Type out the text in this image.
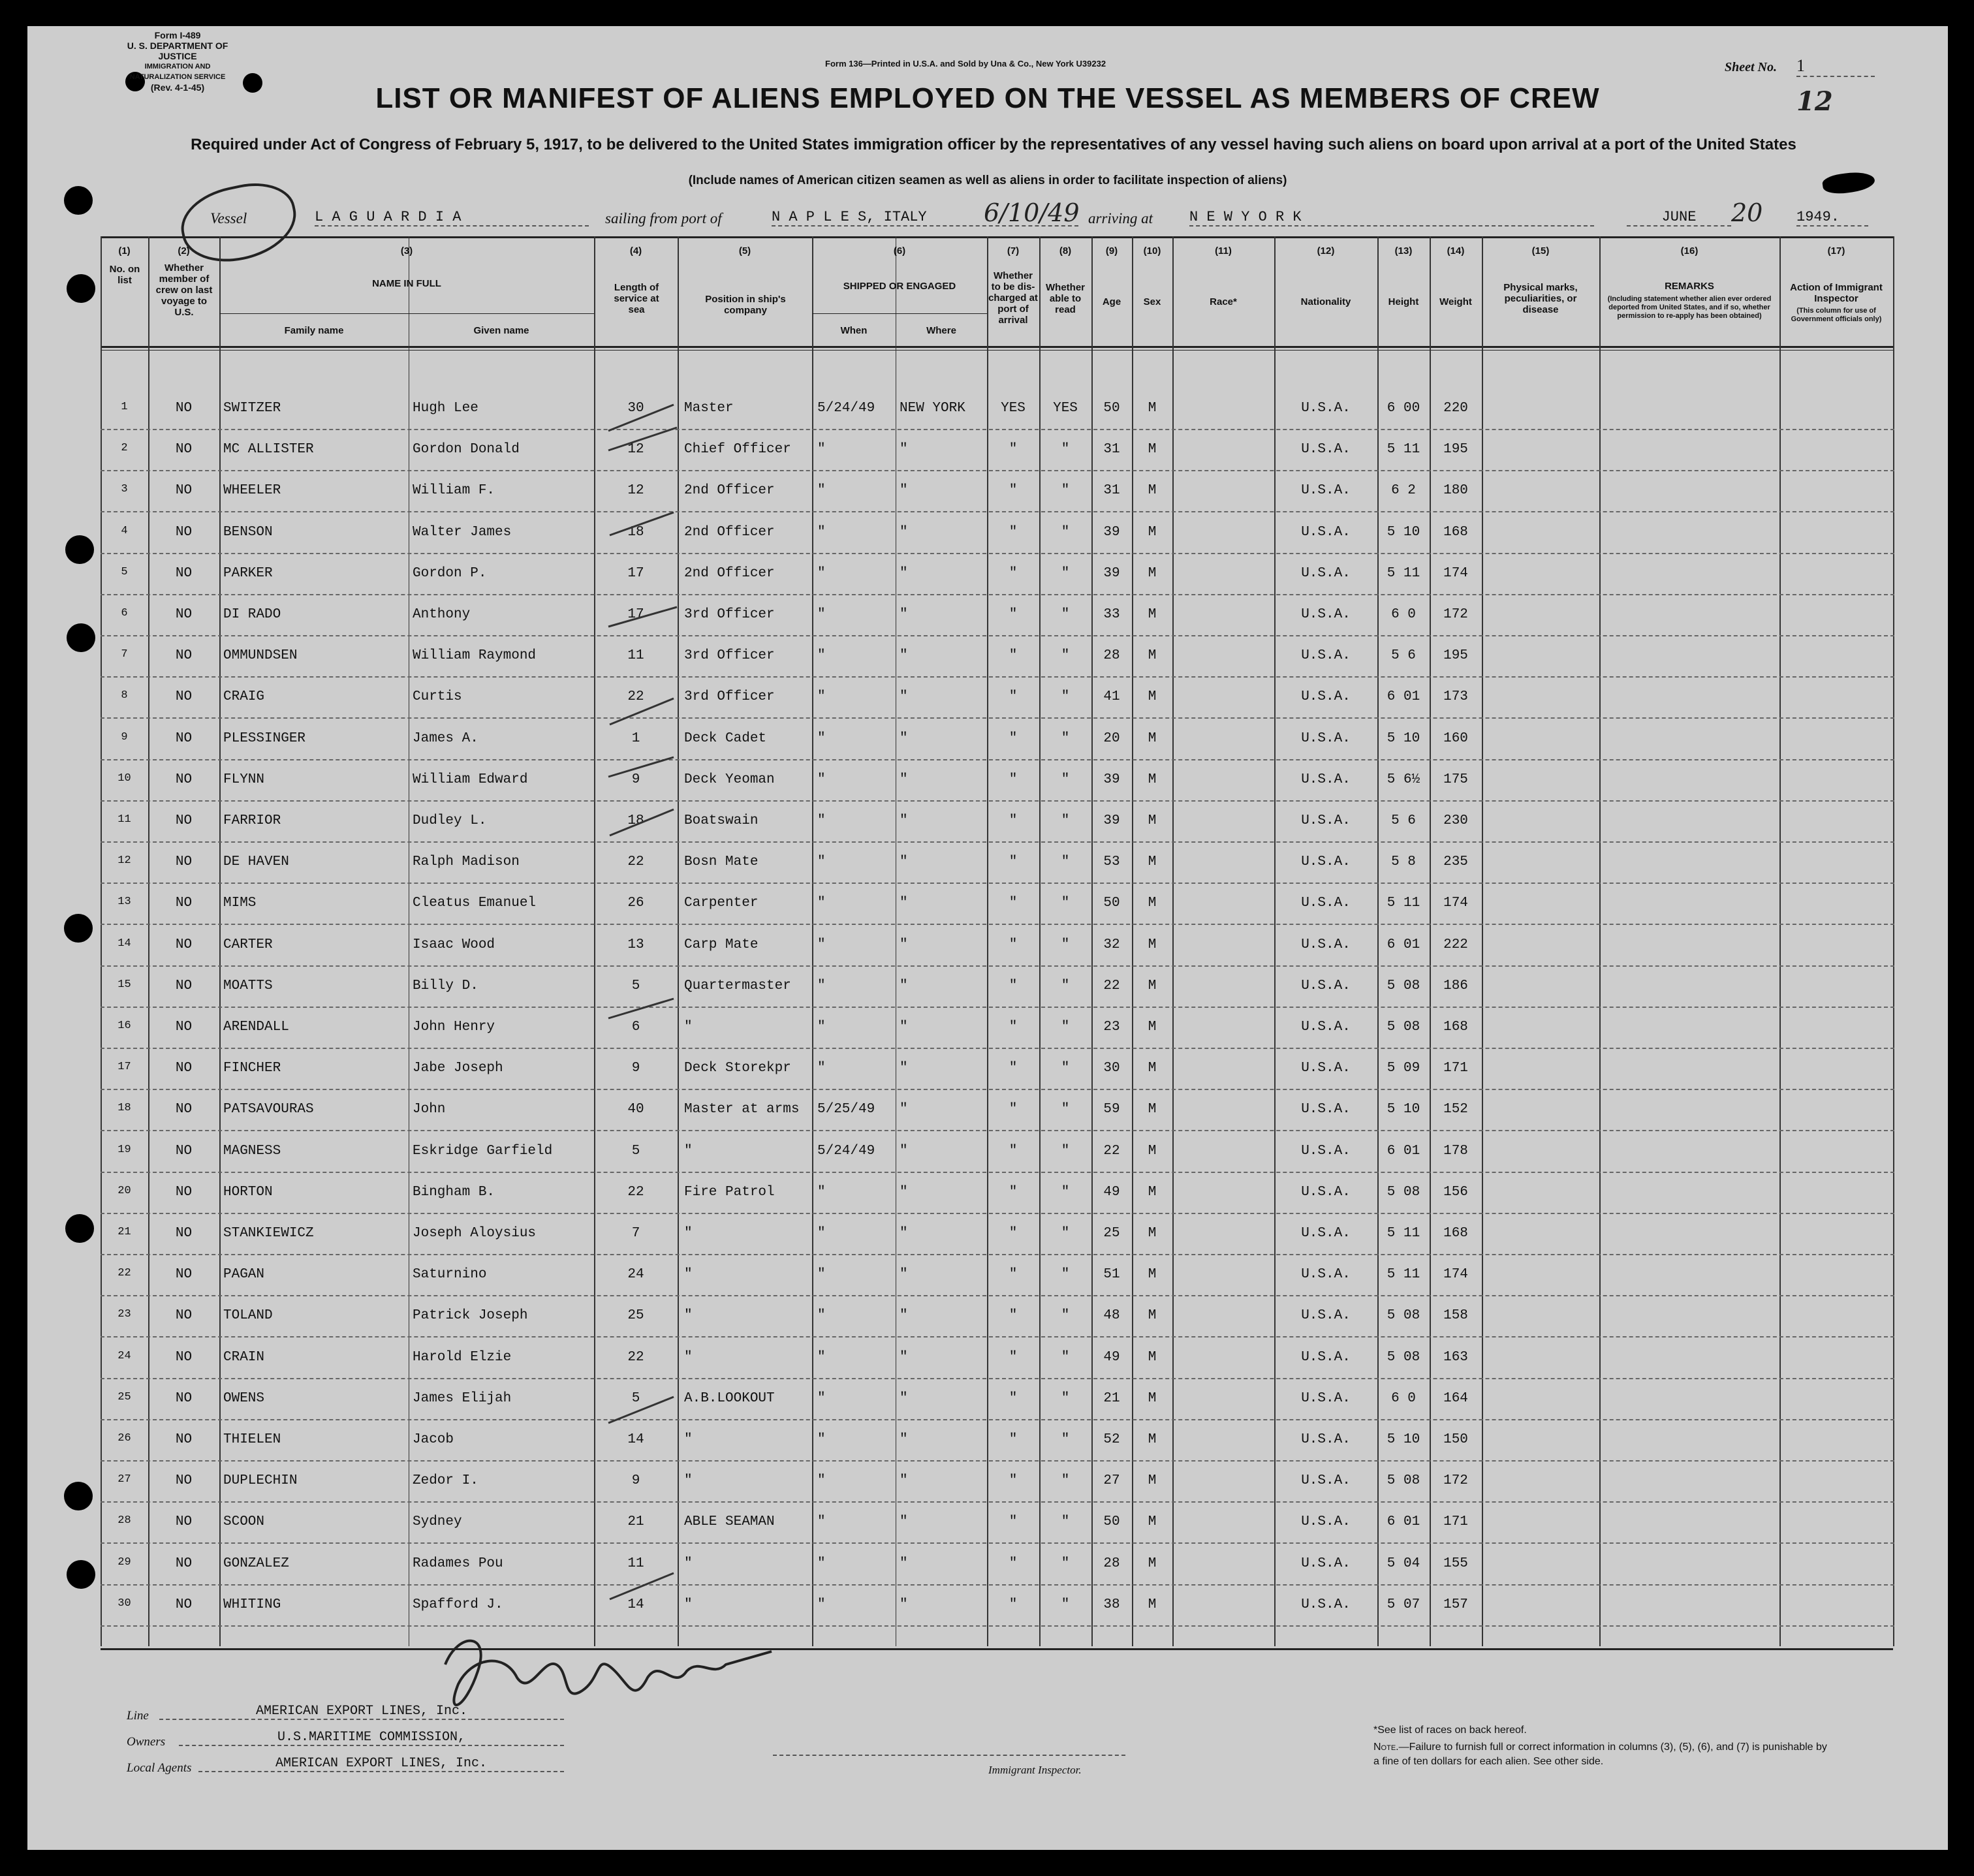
Form I-489
U. S. DEPARTMENT OF JUSTICE
IMMIGRATION AND NATURALIZATION SERVICE
(Rev. 4-1-45)
Form 136—Printed in U.S.A. and Sold by Una & Co., New York U39232	Sheet No. 1
12
LIST OR MANIFEST OF ALIENS EMPLOYED ON THE VESSEL AS MEMBERS OF CREW
Required under Act of Congress of February 5, 1917, to be delivered to the United States immigration officer by the representatives of any vessel having such aliens on board upon arrival at a port of the United States
(Include names of American citizen seamen as well as aliens in order to facilitate inspection of aliens)
Vessel	L A G U A R D I A	sailing from port of	N A P L E S, ITALY	6/10/49 arriving at	N E W Y O R K	JUNE	20 1949.
(1)	(2)	(3)	(4)	(5)	(6)	(7)	(8)	(9)	(10)	(11)	(12)	(13)	(14)	(15)	(16)	(17)
No. on list
Whether member of crew on last voyage to U.S.
NAME IN FULL
Family name	Given name
Length of service at sea
Position in ship's company
SHIPPED OR ENGAGED
When	Where
Whether to be dis-charged at port of arrival
Whether able to read
Age	Sex	Race*	Nationality	Height	Weight
Physical marks, peculiarities, or disease
REMARKS
(Including statement whether alien ever ordered deported from United States, and if so, whether permission to re-apply has been obtained)
Action of Immigrant Inspector
(This column for use of Government officials only)
1	NO	SWITZER	Hugh Lee	30	Master	5/24/49	NEW YORK	YES	YES	50	M	U.S.A.	6 00	220
2	NO	MC ALLISTER	Gordon Donald	12	Chief Officer	"	"	"	"	31	M	U.S.A.	5 11	195
3	NO	WHEELER	William F.	12	2nd Officer	"	"	"	"	31	M	U.S.A.	6 2	180
4	NO	BENSON	Walter James	18	2nd Officer	"	"	"	"	39	M	U.S.A.	5 10	168
5	NO	PARKER	Gordon P.	17	2nd Officer	"	"	"	"	39	M	U.S.A.	5 11	174
6	NO	DI RADO	Anthony	17	3rd Officer	"	"	"	"	33	M	U.S.A.	6 0	172
7	NO	OMMUNDSEN	William Raymond	11	3rd Officer	"	"	"	"	28	M	U.S.A.	5 6	195
8	NO	CRAIG	Curtis	22	3rd Officer	"	"	"	"	41	M	U.S.A.	6 01	173
9	NO	PLESSINGER	James A.	1	Deck Cadet	"	"	"	"	20	M	U.S.A.	5 10	160
10	NO	FLYNN	William Edward	9	Deck Yeoman	"	"	"	"	39	M	U.S.A.	5 6½	175
11	NO	FARRIOR	Dudley L.	18	Boatswain	"	"	"	"	39	M	U.S.A.	5 6	230
12	NO	DE HAVEN	Ralph Madison	22	Bosn Mate	"	"	"	"	53	M	U.S.A.	5 8	235
13	NO	MIMS	Cleatus Emanuel	26	Carpenter	"	"	"	"	50	M	U.S.A.	5 11	174
14	NO	CARTER	Isaac Wood	13	Carp Mate	"	"	"	"	32	M	U.S.A.	6 01	222
15	NO	MOATTS	Billy D.	5	Quartermaster	"	"	"	"	22	M	U.S.A.	5 08	186
16	NO	ARENDALL	John Henry	6	"	"	"	"	"	23	M	U.S.A.	5 08	168
17	NO	FINCHER	Jabe Joseph	9	Deck Storekpr	"	"	"	"	30	M	U.S.A.	5 09	171
18	NO	PATSAVOURAS	John	40	Master at arms	5/25/49	"	"	"	59	M	U.S.A.	5 10	152
19	NO	MAGNESS	Eskridge Garfield	5	"	5/24/49	"	"	"	22	M	U.S.A.	6 01	178
20	NO	HORTON	Bingham B.	22	Fire Patrol	"	"	"	"	49	M	U.S.A.	5 08	156
21	NO	STANKIEWICZ	Joseph Aloysius	7	"	"	"	"	"	25	M	U.S.A.	5 11	168
22	NO	PAGAN	Saturnino	24	"	"	"	"	"	51	M	U.S.A.	5 11	174
23	NO	TOLAND	Patrick Joseph	25	"	"	"	"	"	48	M	U.S.A.	5 08	158
24	NO	CRAIN	Harold Elzie	22	"	"	"	"	"	49	M	U.S.A.	5 08	163
25	NO	OWENS	James Elijah	5	A.B.LOOKOUT	"	"	"	"	21	M	U.S.A.	6 0	164
26	NO	THIELEN	Jacob	14	"	"	"	"	"	52	M	U.S.A.	5 10	150
27	NO	DUPLECHIN	Zedor I.	9	"	"	"	"	"	27	M	U.S.A.	5 08	172
28	NO	SCOON	Sydney	21	ABLE SEAMAN	"	"	"	"	50	M	U.S.A.	6 01	171
29	NO	GONZALEZ	Radames Pou	11	"	"	"	"	"	28	M	U.S.A.	5 04	155
30	NO	WHITING	Spafford J.	14	"	"	"	"	"	38	M	U.S.A.	5 07	157
Line	AMERICAN EXPORT LINES, Inc.
Owners	U.S.MARITIME COMMISSION,
Local Agents	AMERICAN EXPORT LINES, Inc.	Immigrant Inspector.
*See list of races on back hereof.
Note.—Failure to furnish full or correct information in columns (3), (5), (6), and (7) is punishable by a fine of ten dollars for each alien. See other side.
